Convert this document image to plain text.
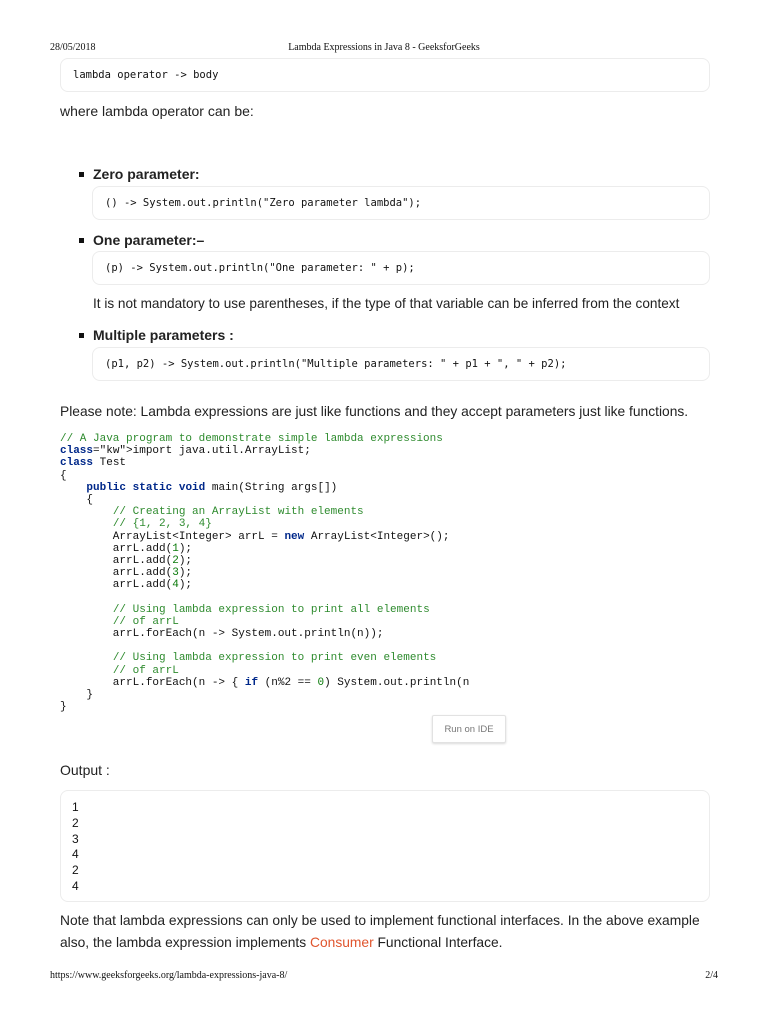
28/05/2018	Lambda Expressions in Java 8 - GeeksforGeeks
lambda operator -> body
where lambda operator can be:
Zero parameter:
() -> System.out.println("Zero parameter lambda");
One parameter:–
(p) -> System.out.println("One parameter: " + p);
It is not mandatory to use parentheses, if the type of that variable can be inferred from the context
Multiple parameters :
(p1, p2) -> System.out.println("Multiple parameters: " + p1 + ", " + p2);
Please note: Lambda expressions are just like functions and they accept parameters just like functions.
// A Java program to demonstrate simple lambda expressions
class="kw">import java.util.ArrayList;
class Test
{
public static void main(String args[])
{
// Creating an ArrayList with elements
// {1, 2, 3, 4}
ArrayList<Integer> arrL = new ArrayList<Integer>();
arrL.add(1);
arrL.add(2);
arrL.add(3);
arrL.add(4);
// Using lambda expression to print all elements
// of arrL
arrL.forEach(n -> System.out.println(n));
// Using lambda expression to print even elements
// of arrL
arrL.forEach(n -> { if (n%2 == 0) System.out.println(n
}
}
Run on IDE
Output :
1
2
3
4
2
4
Note that lambda expressions can only be used to implement functional interfaces. In the above example
also, the lambda expression implements Consumer Functional Interface.
https://www.geeksforgeeks.org/lambda-expressions-java-8/	2/4
